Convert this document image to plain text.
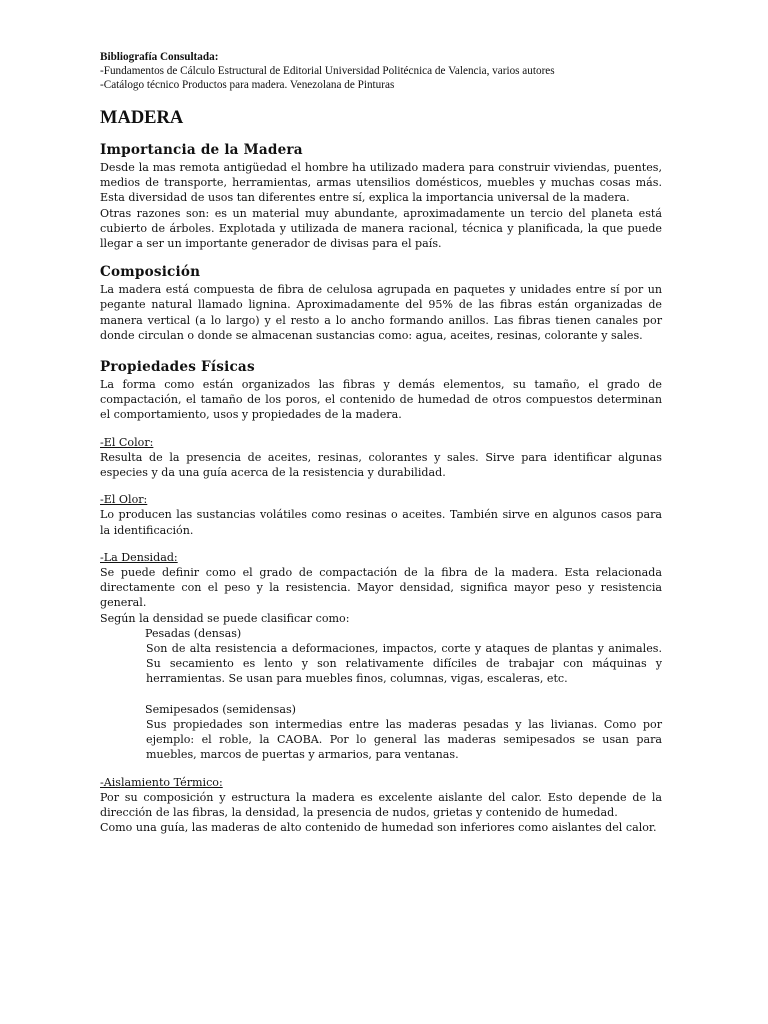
Bibliografía Consultada:
-Fundamentos de Cálculo Estructural de Editorial Universidad Politécnica de Valencia, varios autores
-Catálogo técnico Productos para madera. Venezolana de Pinturas
MADERA
Importancia de la Madera

Desde la mas remota antigüedad el hombre ha utilizado madera para construir viviendas, puentes, medios de transporte, herramientas, armas utensilios domésticos, muebles y muchas cosas más. Esta diversidad de usos tan diferentes entre sí, explica la importancia universal de la madera.

Otras razones son: es un material muy abundante, aproximadamente un tercio del planeta está cubierto de árboles. Explotada y utilizada de manera racional, técnica y planificada, la que puede llegar a ser un importante generador de divisas para el país.

Composición

La madera está compuesta de fibra de celulosa agrupada en paquetes y unidades entre sí por un pegante natural llamado lignina. Aproximadamente del 95% de las fibras están organizadas de manera vertical (a lo largo) y el resto a lo ancho formando anillos. Las fibras tienen canales por donde circulan o donde se almacenan sustancias como: agua, aceites, resinas, colorante y sales.

Propiedades Físicas

La forma como están organizados las fibras y demás elementos, su tamaño, el grado de compactación, el tamaño de los poros, el contenido de humedad de otros compuestos determinan el comportamiento, usos y propiedades de la madera.

-El Color:

Resulta de la presencia de aceites, resinas, colorantes y sales. Sirve para identificar algunas especies y da una guía acerca de la resistencia y durabilidad.

-El Olor:

Lo producen las sustancias volátiles como resinas o aceites. También sirve en algunos casos para la identificación.

-La Densidad:

Se puede definir como el grado de compactación de la fibra de la madera. Esta relacionada directamente con el peso y la resistencia. Mayor densidad, significa mayor peso y resistencia general.

Según la densidad se puede clasificar como:

Pesadas (densas)
Son de alta resistencia a deformaciones, impactos, corte y ataques de plantas y animales. Su secamiento es lento y son relativamente difíciles de trabajar con máquinas y herramientas. Se usan para muebles finos, columnas, vigas, escaleras, etc.
Semipesados (semidensas)
Sus propiedades son intermedias entre las maderas pesadas y las livianas. Como por ejemplo: el roble, la CAOBA. Por lo general las maderas semipesados se usan para muebles, marcos de puertas y armarios, para ventanas.
-Aislamiento Térmico:

Por su composición y estructura la madera es excelente aislante del calor. Esto depende de la dirección de las fibras, la densidad, la presencia de nudos, grietas y contenido de humedad.

Como una guía, las maderas de alto contenido de humedad son inferiores como aislantes del calor.
